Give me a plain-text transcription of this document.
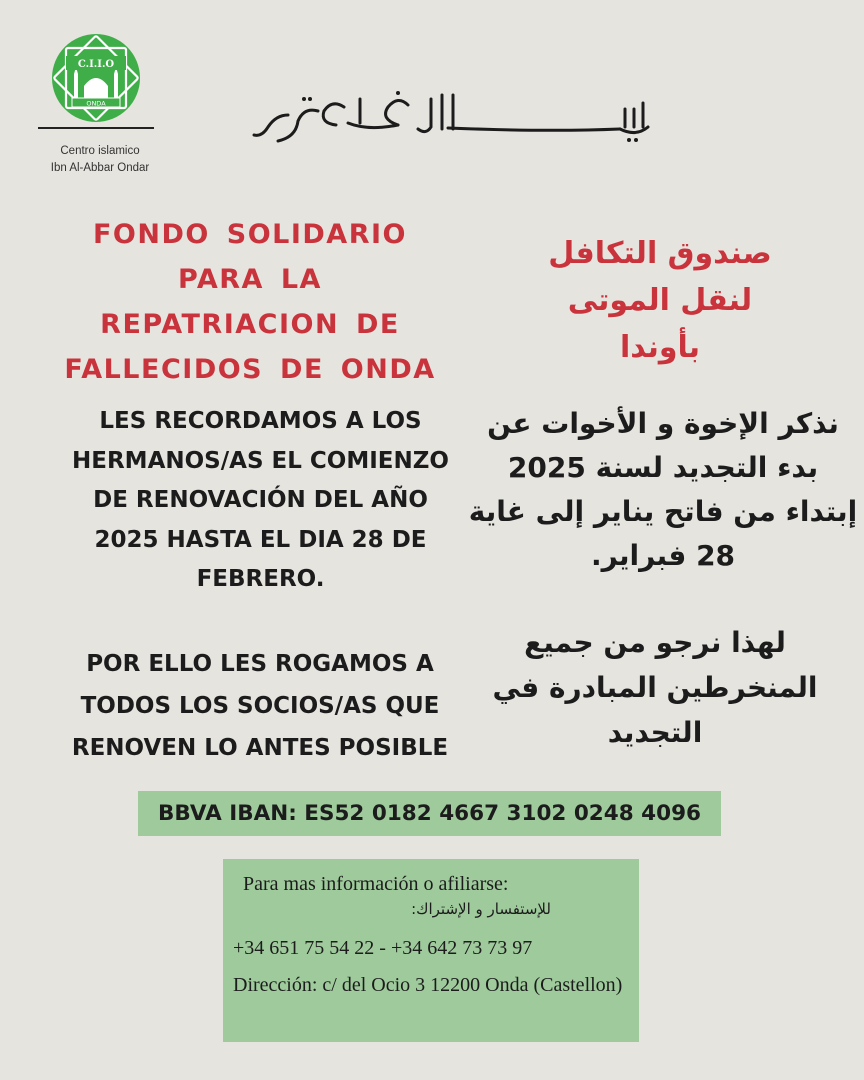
C.I.I.O
ONDA
Centro islamico
Ibn Al-Abbar Ondar
FONDO SOLIDARIO
PARA LA
REPATRIACION DE
FALLECIDOS DE ONDA
صندوق التكافل
لنقل الموتى
بأوندا
LES RECORDAMOS A LOS
HERMANOS/AS EL COMIENZO
DE RENOVACIÓN DEL AÑO
2025 HASTA EL DIA 28 DE
FEBRERO.
نذكر الإخوة و الأخوات عن
بدء التجديد لسنة 2025
إبتداء من فاتح يناير إلى غاية
28 فبراير.
POR ELLO LES ROGAMOS A
TODOS LOS SOCIOS/AS QUE
RENOVEN LO ANTES POSIBLE
لهذا نرجو من جميع
المنخرطين المبادرة في
التجديد
BBVA IBAN: ES52 0182 4667 3102 0248 4096
Para mas información o afiliarse:
للإستفسار و الإشتراك:
+34 651 75 54 22 - +34 642 73 73 97
Dirección: c/ del Ocio 3 12200 Onda (Castellon)
